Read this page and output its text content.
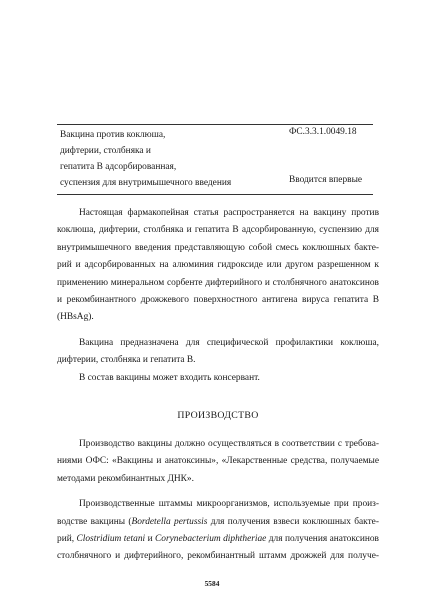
Вакцина против коклюша,
дифтерии, столбняка и
гепатита В адсорбированная,
суспензия для внутримышечного введения
ФС.3.3.1.0049.18
Вводится впервые
Настоящая фармакопейная статья распространяется на вакцину против
коклюша, дифтерии, столбняка и гепатита В адсорбированную, суспензию для
внутримышечного введения представляющую собой смесь коклюшных бакте-
рий и адсорбированных на алюминия гидроксиде или другом разрешенном к
применению минеральном сорбенте дифтерийного и столбнячного анатоксинов
и рекомбинантного дрожжевого поверхностного антигена вируса гепатита В
(HBsAg).
Вакцина предназначена для специфической профилактики коклюша,
дифтерии, столбняка и гепатита В.
В состав вакцины может входить консервант.
ПРОИЗВОДСТВО
Производство вакцины должно осуществляться в соответствии с требова-
ниями ОФС: «Вакцины и анатоксины», «Лекарственные средства, получаемые
методами рекомбинантных ДНК».
Производственные штаммы микроорганизмов, используемые при произ-
водстве вакцины (Bordetella pertussis для получения взвеси коклюшных бакте-
рий, Clostridium tetani и Corynebacterium diphtheriae для получения анатоксинов
столбнячного и дифтерийного, рекомбинантный штамм дрожжей для получе-
5584
